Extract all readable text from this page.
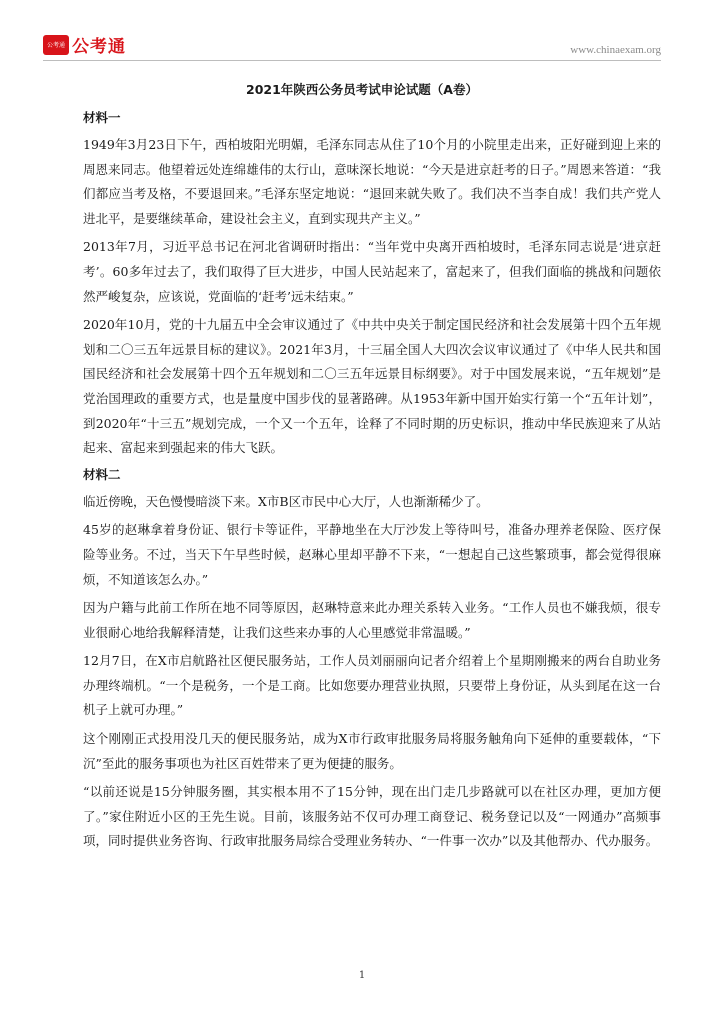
公考通 公考通	www.chinaexam.org
2021年陕西公务员考试申论试题（A卷）

材料一

1949年3月23日下午，西柏坡阳光明媚，毛泽东同志从住了10个月的小院里走出来，正好碰到迎上来的周恩来同志。他望着远处连绵雄伟的太行山，意味深长地说：“今天是进京赶考的日子。”周恩来答道：“我们都应当考及格，不要退回来。”毛泽东坚定地说：“退回来就失败了。我们决不当李自成！我们共产党人进北平，是要继续革命，建设社会主义，直到实现共产主义。”

2013年7月，习近平总书记在河北省调研时指出：“当年党中央离开西柏坡时，毛泽东同志说是‘进京赶考’。60多年过去了，我们取得了巨大进步，中国人民站起来了，富起来了，但我们面临的挑战和问题依然严峻复杂，应该说，党面临的‘赶考’远未结束。”

2020年10月，党的十九届五中全会审议通过了《中共中央关于制定国民经济和社会发展第十四个五年规划和二〇三五年远景目标的建议》。2021年3月，十三届全国人大四次会议审议通过了《中华人民共和国国民经济和社会发展第十四个五年规划和二〇三五年远景目标纲要》。对于中国发展来说，“五年规划”是党治国理政的重要方式，也是量度中国步伐的显著路碑。从1953年新中国开始实行第一个“五年计划”，到2020年“十三五”规划完成，一个又一个五年，诠释了不同时期的历史标识，推动中华民族迎来了从站起来、富起来到强起来的伟大飞跃。

材料二

临近傍晚，天色慢慢暗淡下来。X市B区市民中心大厅，人也渐渐稀少了。

45岁的赵琳拿着身份证、银行卡等证件，平静地坐在大厅沙发上等待叫号，准备办理养老保险、医疗保险等业务。不过，当天下午早些时候，赵琳心里却平静不下来，“一想起自己这些繁琐事，都会觉得很麻烦，不知道该怎么办。”

因为户籍与此前工作所在地不同等原因，赵琳特意来此办理关系转入业务。“工作人员也不嫌我烦，很专业很耐心地给我解释清楚，让我们这些来办事的人心里感觉非常温暖。”

12月7日，在X市启航路社区便民服务站，工作人员刘丽丽向记者介绍着上个星期刚搬来的两台自助业务办理终端机。“一个是税务，一个是工商。比如您要办理营业执照，只要带上身份证，从头到尾在这一台机子上就可办理。”

这个刚刚正式投用没几天的便民服务站，成为X市行政审批服务局将服务触角向下延伸的重要载体，“下沉”至此的服务事项也为社区百姓带来了更为便捷的服务。

“以前还说是15分钟服务圈，其实根本用不了15分钟，现在出门走几步路就可以在社区办理，更加方便了。”家住附近小区的王先生说。目前，该服务站不仅可办理工商登记、税务登记以及“一网通办”高频事项，同时提供业务咨询、行政审批服务局综合受理业务转办、“一件事一次办”以及其他帮办、代办服务。

1
